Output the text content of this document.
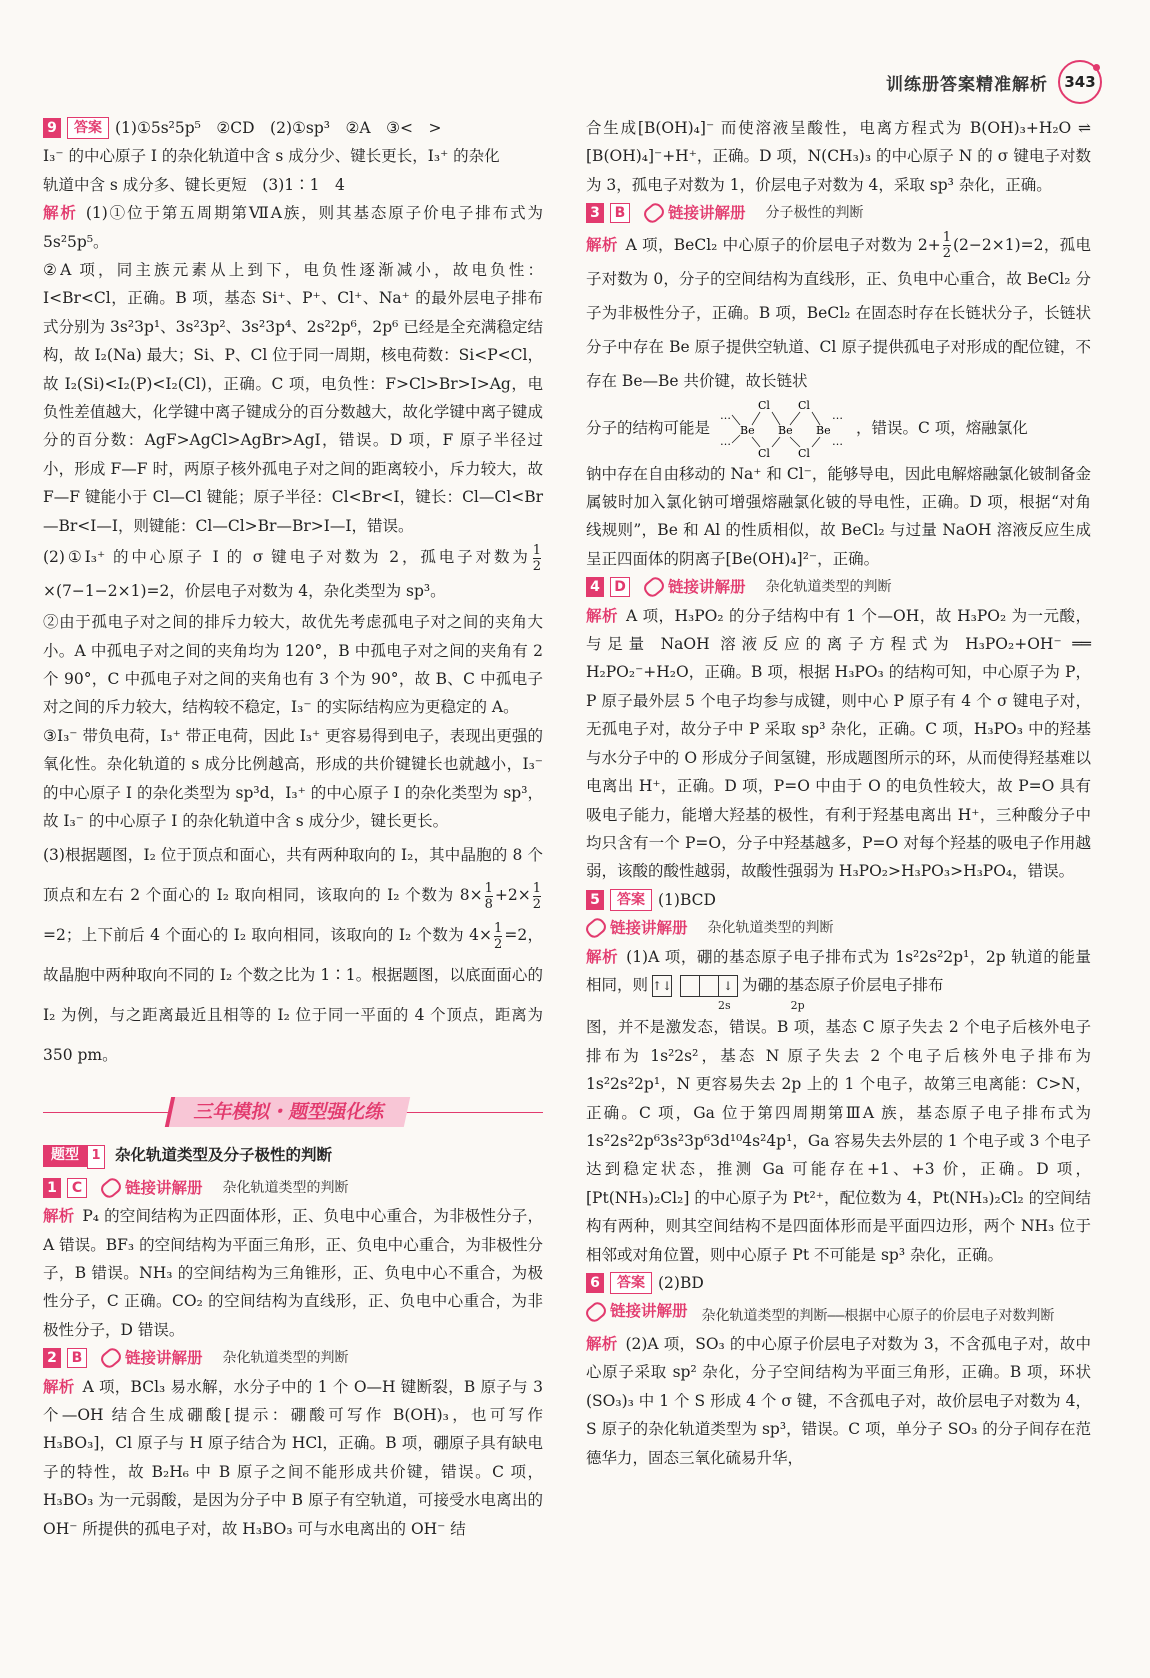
训练册答案精准解析	343
9	答案 (1)①5s²5p⁵　②CD　(2)①sp³　②A　③<　>

I₃⁻ 的中心原子 I 的杂化轨道中含 s 成分少、键长更长，I₃⁺ 的杂化

轨道中含 s 成分多、键长更短　(3)1∶1　4

解析 (1)①位于第五周期第ⅦA族，则其基态原子价电子排布式为 5s²5p⁵。

②A 项，同主族元素从上到下，电负性逐渐减小，故电负性：I<Br<Cl，正确。B 项，基态 Si⁺、P⁺、Cl⁺、Na⁺ 的最外层电子排布式分别为 3s²3p¹、3s²3p²、3s²3p⁴、2s²2p⁶，2p⁶ 已经是全充满稳定结构，故 I₂(Na) 最大；Si、P、Cl 位于同一周期，核电荷数：Si<P<Cl，故 I₂(Si)<I₂(P)<I₂(Cl)，正确。C 项，电负性：F>Cl>Br>I>Ag，电负性差值越大，化学键中离子键成分的百分数越大，故化学键中离子键成分的百分数：AgF>AgCl>AgBr>AgI，错误。D 项，F 原子半径过小，形成 F—F 时，两原子核外孤电子对之间的距离较小，斥力较大，故 F—F 键能小于 Cl—Cl 键能；原子半径：Cl<Br<I，键长：Cl—Cl<Br—Br<I—I，则键能：Cl—Cl>Br—Br>I—I，错误。

(2)①I₃⁺ 的中心原子 I 的 σ 键电子对数为 2，孤电子对数为 $\frac{1}{2}$
×(7−1−2×1)=2，价层电子对数为 4，杂化类型为 sp³。

②由于孤电子对之间的排斥力较大，故优先考虑孤电子对之间的夹角大小。A 中孤电子对之间的夹角均为 120°，B 中孤电子对之间的夹角有 2 个 90°，C 中孤电子对之间的夹角也有 3 个为 90°，故 B、C 中孤电子对之间的斥力较大，结构较不稳定，I₃⁻ 的实际结构应为更稳定的 A。

③I₃⁻ 带负电荷，I₃⁺ 带正电荷，因此 I₃⁺ 更容易得到电子，表现出更强的氧化性。杂化轨道的 s 成分比例越高，形成的共价键键长也就越小，I₃⁻ 的中心原子 I 的杂化类型为 sp³d，I₃⁺ 的中心原子 I 的杂化类型为 sp³，故 I₃⁻ 的中心原子 I 的杂化轨道中含 s 成分少，键长更长。

(3)根据题图，I₂ 位于顶点和面心，共有两种取向的 I₂，其中晶胞的 8 个顶点和左右 2 个面心的 I₂ 取向相同，该取向的 I₂ 个数为 $8\times \frac{1}{8} +2\times \frac{1}{2}$
=2；上下前后 4 个面心的 I₂ 取向相同，该取向的 I₂ 个数为 $4\times \frac{1}{2} =2$，故晶胞中两种取向不同的 I₂ 个数之比为 1∶1。根据题图，以底面面心的 I₂ 为例，与之距离最近且相等的 I₂ 位于同一平面的 4 个顶点，距离为 350 pm。

三年模拟・题型强化练
题型 1 杂化轨道类型及分子极性的判断
1	C	链接讲解册 杂化轨道类型的判断

解析 P₄ 的空间结构为正四面体形，正、负电中心重合，为非极性分子，A 错误。BF₃ 的空间结构为平面三角形，正、负电中心重合，为非极性分子，B 错误。NH₃ 的空间结构为三角锥形，正、负电中心不重合，为极性分子，C 正确。CO₂ 的空间结构为直线形，正、负电中心重合，为非极性分子，D 错误。

2	B	链接讲解册 杂化轨道类型的判断

解析 A 项，BCl₃ 易水解，水分子中的 1 个 O—H 键断裂，B 原子与 3 个—OH 结合生成硼酸[提示：硼酸可写作 B(OH)₃，也可写作 H₃BO₃]，Cl 原子与 H 原子结合为 HCl，正确。B 项，硼原子具有缺电子的特性，故 B₂H₆ 中 B 原子之间不能形成共价键，错误。C 项，H₃BO₃ 为一元弱酸，是因为分子中 B 原子有空轨道，可接受水电离出的 OH⁻ 所提供的孤电子对，故 H₃BO₃ 可与水电离出的 OH⁻ 结

合生成[B(OH)₄]⁻ 而使溶液呈酸性，电离方程式为 B(OH)₃+H₂O ⇌ [B(OH)₄]⁻+H⁺，正确。D 项，N(CH₃)₃ 的中心原子 N 的 σ 键电子对数为 3，孤电子对数为 1，价层电子对数为 4，采取 sp³ 杂化，正确。

3	B	链接讲解册 分子极性的判断

解析 A 项，BeCl₂ 中心原子的价层电子对数为 $2+ \frac{1}{2} (2-2\times 1)=2$，孤电子对数为 0，分子的空间结构为直线形，正、负电中心重合，故 BeCl₂ 分子为非极性分子，正确。B 项，BeCl₂ 在固态时存在长链状分子，长链状分子中存在 Be 原子提供空轨道、Cl 原子提供孤电子对形成的配位键，不存在 Be—Be 共价键，故长链状

分子的结构可能是
…
…
Be Be Be
Cl	Cl
Cl	Cl
…
…
，错误。C 项，熔融氯化

钠中存在自由移动的 Na⁺ 和 Cl⁻，能够导电，因此电解熔融氯化铍制备金属铍时加入氯化钠可增强熔融氯化铍的导电性，正确。D 项，根据“对角线规则”，Be 和 Al 的性质相似，故 BeCl₂ 与过量 NaOH 溶液反应生成呈正四面体的阴离子[Be(OH)₄]²⁻，正确。

4 D	链接讲解册 杂化轨道类型的判断

解析 A 项，H₃PO₂ 的分子结构中有 1 个—OH，故 H₃PO₂ 为一元酸，与足量 NaOH 溶液反应的离子方程式为 H₃PO₂+OH⁻ ══ H₂PO₂⁻+H₂O，正确。B 项，根据 H₃PO₃ 的结构可知，中心原子为 P，P 原子最外层 5 个电子均参与成键，则中心 P 原子有 4 个 σ 键电子对，无孤电子对，故分子中 P 采取 sp³ 杂化，正确。C 项，H₃PO₃ 中的羟基与水分子中的 O 形成分子间氢键，形成题图所示的环，从而使得羟基难以电离出 H⁺，正确。D 项，P=O 中由于 O 的电负性较大，故 P=O 具有吸电子能力，能增大羟基的极性，有利于羟基电离出 H⁺，三种酸分子中均只含有一个 P=O，分子中羟基越多，P=O 对每个羟基的吸电子作用越弱，该酸的酸性越弱，故酸性强弱为 H₃PO₂>H₃PO₃>H₃PO₄，错误。

5	答案 (1)BCD
链接讲解册 杂化轨道类型的判断

解析 (1)A 项，硼的基态原子电子排布式为 1s²2s²2p¹，2p 轨道的能量相同，则 ↑↓	↓ 为硼的基态原子价层电子排布

2s	2p

图，并不是激发态，错误。B 项，基态 C 原子失去 2 个电子后核外电子排布为 1s²2s²，基态 N 原子失去 2 个电子后核外电子排布为 1s²2s²2p¹，N 更容易失去 2p 上的 1 个电子，故第三电离能：C>N，正确。C 项，Ga 位于第四周期第ⅢA 族，基态原子电子排布式为 1s²2s²2p⁶3s²3p⁶3d¹⁰4s²4p¹，Ga 容易失去外层的 1 个电子或 3 个电子达到稳定状态，推测 Ga 可能存在+1、+3 价，正确。D 项，[Pt(NH₃)₂Cl₂] 的中心原子为 Pt²⁺，配位数为 4，Pt(NH₃)₂Cl₂ 的空间结构有两种，则其空间结构不是四面体形而是平面四边形，两个 NH₃ 位于相邻或对角位置，则中心原子 Pt 不可能是 sp³ 杂化，正确。

6	答案 (2)BD

链接讲解册 杂化轨道类型的判断——根据中心原子的价层电子对数判断

解析 (2)A 项，SO₃ 的中心原子价层电子对数为 3，不含孤电子对，故中心原子采取 sp² 杂化，分子空间结构为平面三角形，正确。B 项，环状(SO₃)₃ 中 1 个 S 形成 4 个 σ 键，不含孤电子对，故价层电子对数为 4，S 原子的杂化轨道类型为 sp³，错误。C 项，单分子 SO₃ 的分子间存在范德华力，固态三氧化硫易升华，
